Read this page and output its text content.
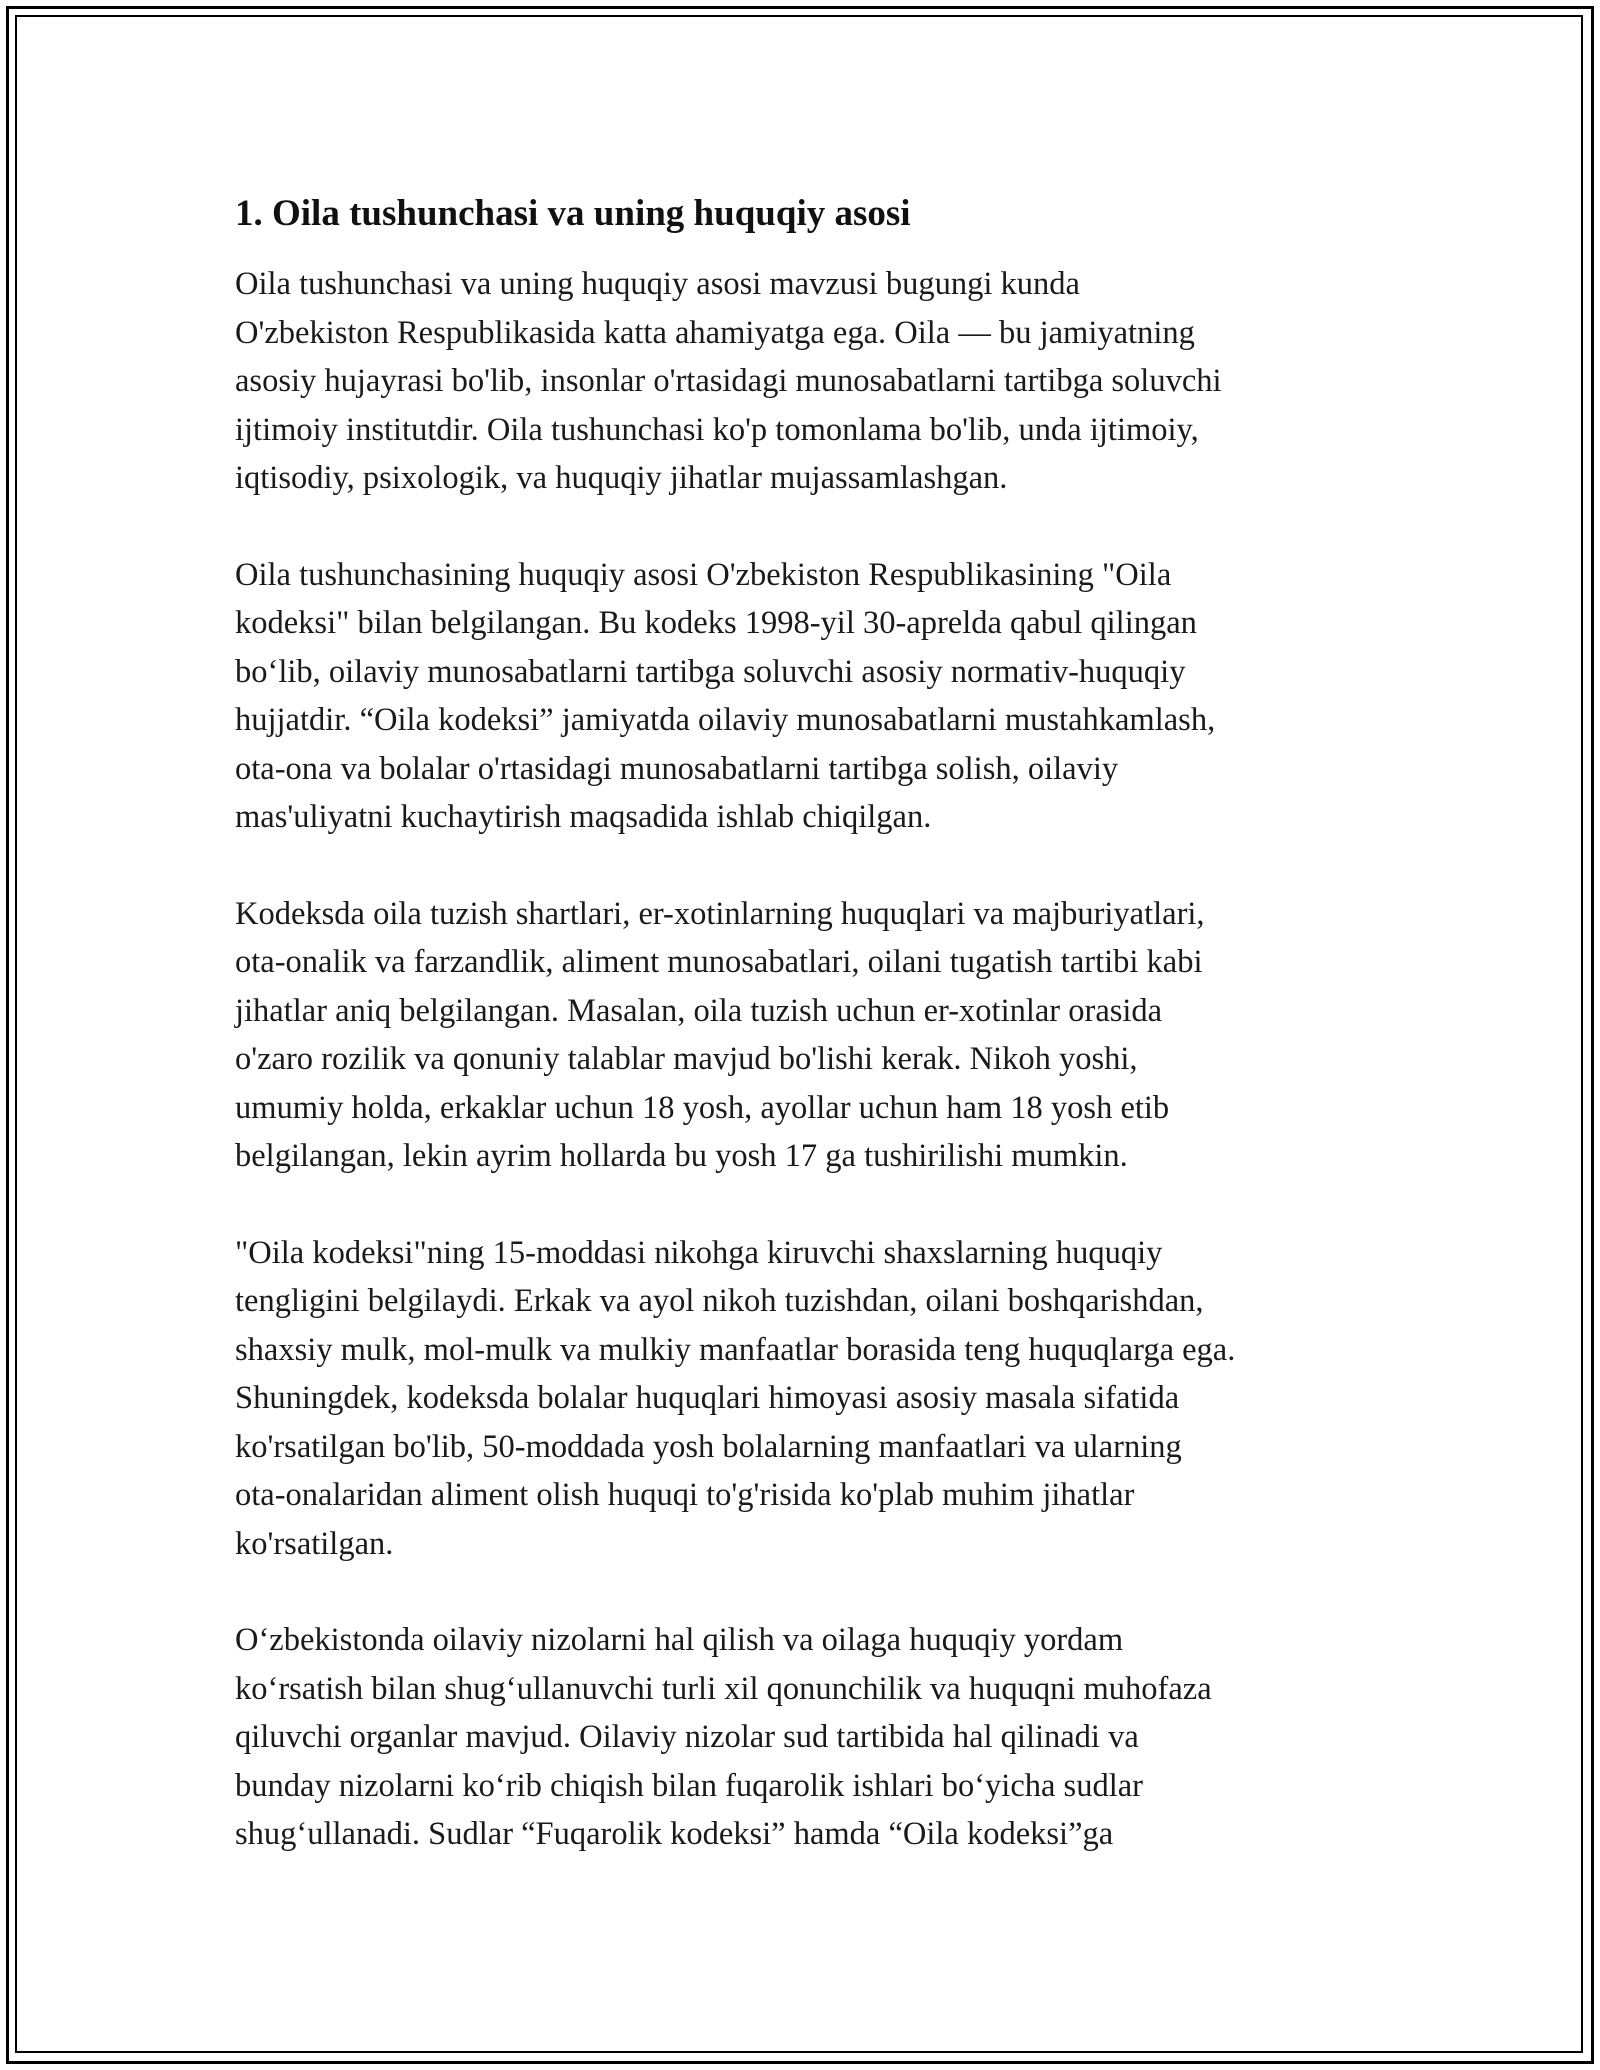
1. Oila tushunchasi va uning huquqiy asosi

Oila tushunchasi va uning huquqiy asosi mavzusi bugungi kunda
O'zbekiston Respublikasida katta ahamiyatga ega. Oila — bu jamiyatning
asosiy hujayrasi bo'lib, insonlar o'rtasidagi munosabatlarni tartibga soluvchi
ijtimoiy institutdir. Oila tushunchasi ko'p tomonlama bo'lib, unda ijtimoiy,
iqtisodiy, psixologik, va huquqiy jihatlar mujassamlashgan.

Oila tushunchasining huquqiy asosi O'zbekiston Respublikasining "Oila
kodeksi" bilan belgilangan. Bu kodeks 1998-yil 30-aprelda qabul qilingan
bo‘lib, oilaviy munosabatlarni tartibga soluvchi asosiy normativ-huquqiy
hujjatdir. “Oila kodeksi” jamiyatda oilaviy munosabatlarni mustahkamlash,
ota-ona va bolalar o'rtasidagi munosabatlarni tartibga solish, oilaviy
mas'uliyatni kuchaytirish maqsadida ishlab chiqilgan.

Kodeksda oila tuzish shartlari, er-xotinlarning huquqlari va majburiyatlari,
ota-onalik va farzandlik, aliment munosabatlari, oilani tugatish tartibi kabi
jihatlar aniq belgilangan. Masalan, oila tuzish uchun er-xotinlar orasida
o'zaro rozilik va qonuniy talablar mavjud bo'lishi kerak. Nikoh yoshi,
umumiy holda, erkaklar uchun 18 yosh, ayollar uchun ham 18 yosh etib
belgilangan, lekin ayrim hollarda bu yosh 17 ga tushirilishi mumkin.

"Oila kodeksi"ning 15-moddasi nikohga kiruvchi shaxslarning huquqiy
tengligini belgilaydi. Erkak va ayol nikoh tuzishdan, oilani boshqarishdan,
shaxsiy mulk, mol-mulk va mulkiy manfaatlar borasida teng huquqlarga ega.
Shuningdek, kodeksda bolalar huquqlari himoyasi asosiy masala sifatida
ko'rsatilgan bo'lib, 50-moddada yosh bolalarning manfaatlari va ularning
ota-onalaridan aliment olish huquqi to'g'risida ko'plab muhim jihatlar
ko'rsatilgan.

O‘zbekistonda oilaviy nizolarni hal qilish va oilaga huquqiy yordam
ko‘rsatish bilan shug‘ullanuvchi turli xil qonunchilik va huquqni muhofaza
qiluvchi organlar mavjud. Oilaviy nizolar sud tartibida hal qilinadi va
bunday nizolarni ko‘rib chiqish bilan fuqarolik ishlari bo‘yicha sudlar
shug‘ullanadi. Sudlar “Fuqarolik kodeksi” hamda “Oila kodeksi”ga
